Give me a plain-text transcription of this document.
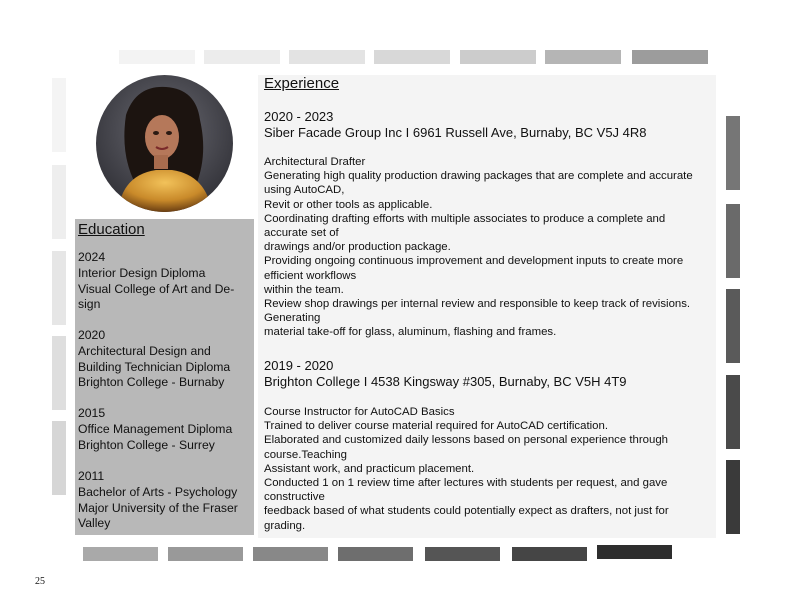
Education
2024
Interior Design Diploma
Visual College of Art and De-
sign
2020
Architectural Design and
Building Technician Diploma
Brighton College - Burnaby
2015
Office Management Diploma
Brighton College - Surrey
2011
Bachelor of Arts - Psychology
Major University of the Fraser
Valley
Experience
2020 - 2023
Siber Facade Group Inc I 6961 Russell Ave, Burnaby, BC V5J 4R8
Architectural Drafter
Generating high quality production drawing packages that are complete and accurate
using AutoCAD,
Revit or other tools as applicable.
Coordinating drafting efforts with multiple associates to produce a complete and
accurate set of
drawings and/or production package.
Providing ongoing continuous improvement and development inputs to create more
efficient workflows
within the team.
Review shop drawings per internal review and responsible to keep track of revisions.
Generating
material take-off for glass, aluminum, flashing and frames.
2019 - 2020
Brighton College I 4538 Kingsway #305, Burnaby, BC V5H 4T9
Course Instructor for AutoCAD Basics
Trained to deliver course material required for AutoCAD certification.
Elaborated and customized daily lessons based on personal experience through
course.Teaching
Assistant work, and practicum placement.
Conducted 1 on 1 review time after lectures with students per request, and gave
constructive
feedback based of what students could potentially expect as drafters, not just for
grading.
25
